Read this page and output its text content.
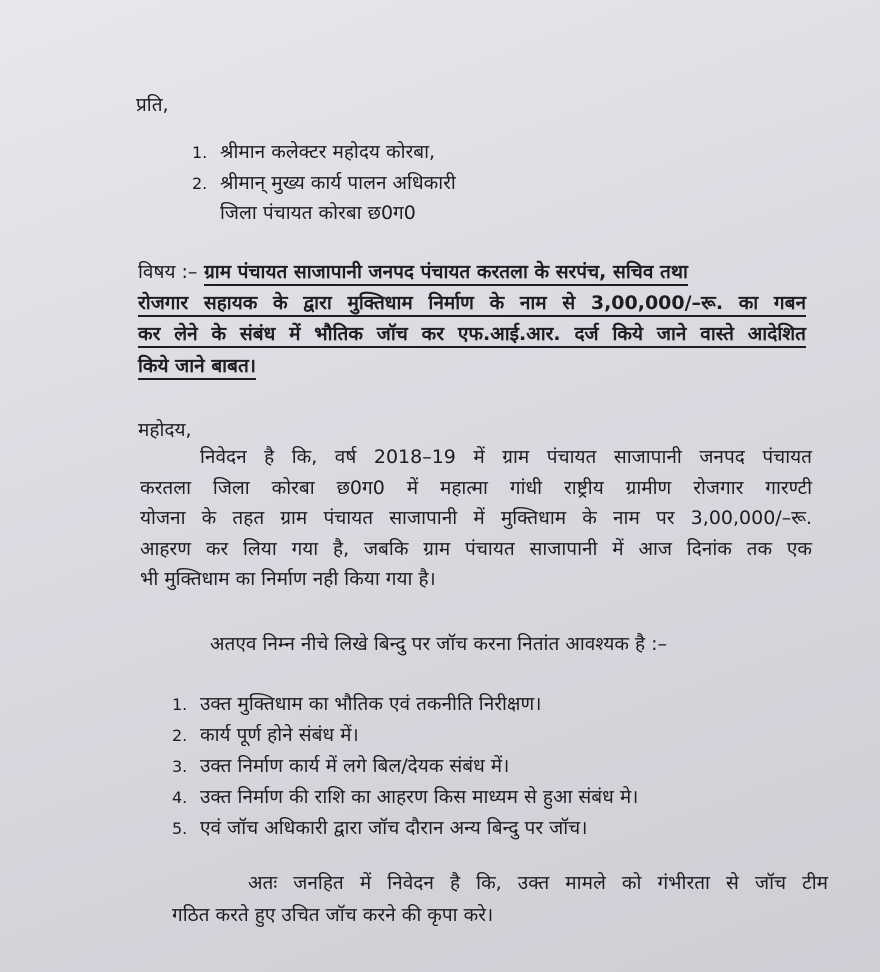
प्रति,
1. श्रीमान कलेक्टर महोदय कोरबा,
2. श्रीमान् मुख्य कार्य पालन अधिकारी
जिला पंचायत कोरबा छ0ग0
विषय :– ग्राम पंचायत साजापानी जनपद पंचायत करतला के सरपंच, सचिव तथा
रोजगार सहायक के द्वारा मुक्तिधाम निर्माण के नाम से 3,00,000/–रू. का गबन
कर लेने के संबंध में भौतिक जॉच कर एफ.आई.आर. दर्ज किये जाने वास्ते आदेशित
किये जाने बाबत।
महोदय,
निवेदन है कि, वर्ष 2018–19 में ग्राम पंचायत साजापानी जनपद पंचायत
करतला जिला कोरबा छ0ग0 में महात्मा गांधी राष्ट्रीय ग्रामीण रोजगार गारण्टी
योजना के तहत ग्राम पंचायत साजापानी में मुक्तिधाम के नाम पर 3,00,000/–रू.
आहरण कर लिया गया है, जबकि ग्राम पंचायत साजापानी में आज दिनांक तक एक
भी मुक्तिधाम का निर्माण नही किया गया है।
अतएव निम्न नीचे लिखे बिन्दु पर जॉच करना नितांत आवश्यक है :–
1. उक्त मुक्तिधाम का भौतिक एवं तकनीति निरीक्षण।
2. कार्य पूर्ण होने संबंध में।
3. उक्त निर्माण कार्य में लगे बिल/देयक संबंध में।
4. उक्त निर्माण की राशि का आहरण किस माध्यम से हुआ संबंध मे।
5. एवं जॉच अधिकारी द्वारा जॉच दौरान अन्य बिन्दु पर जॉच।
अतः जनहित में निवेदन है कि, उक्त मामले को गंभीरता से जॉच टीम
गठित करते हुए उचित जॉच करने की कृपा करे।
